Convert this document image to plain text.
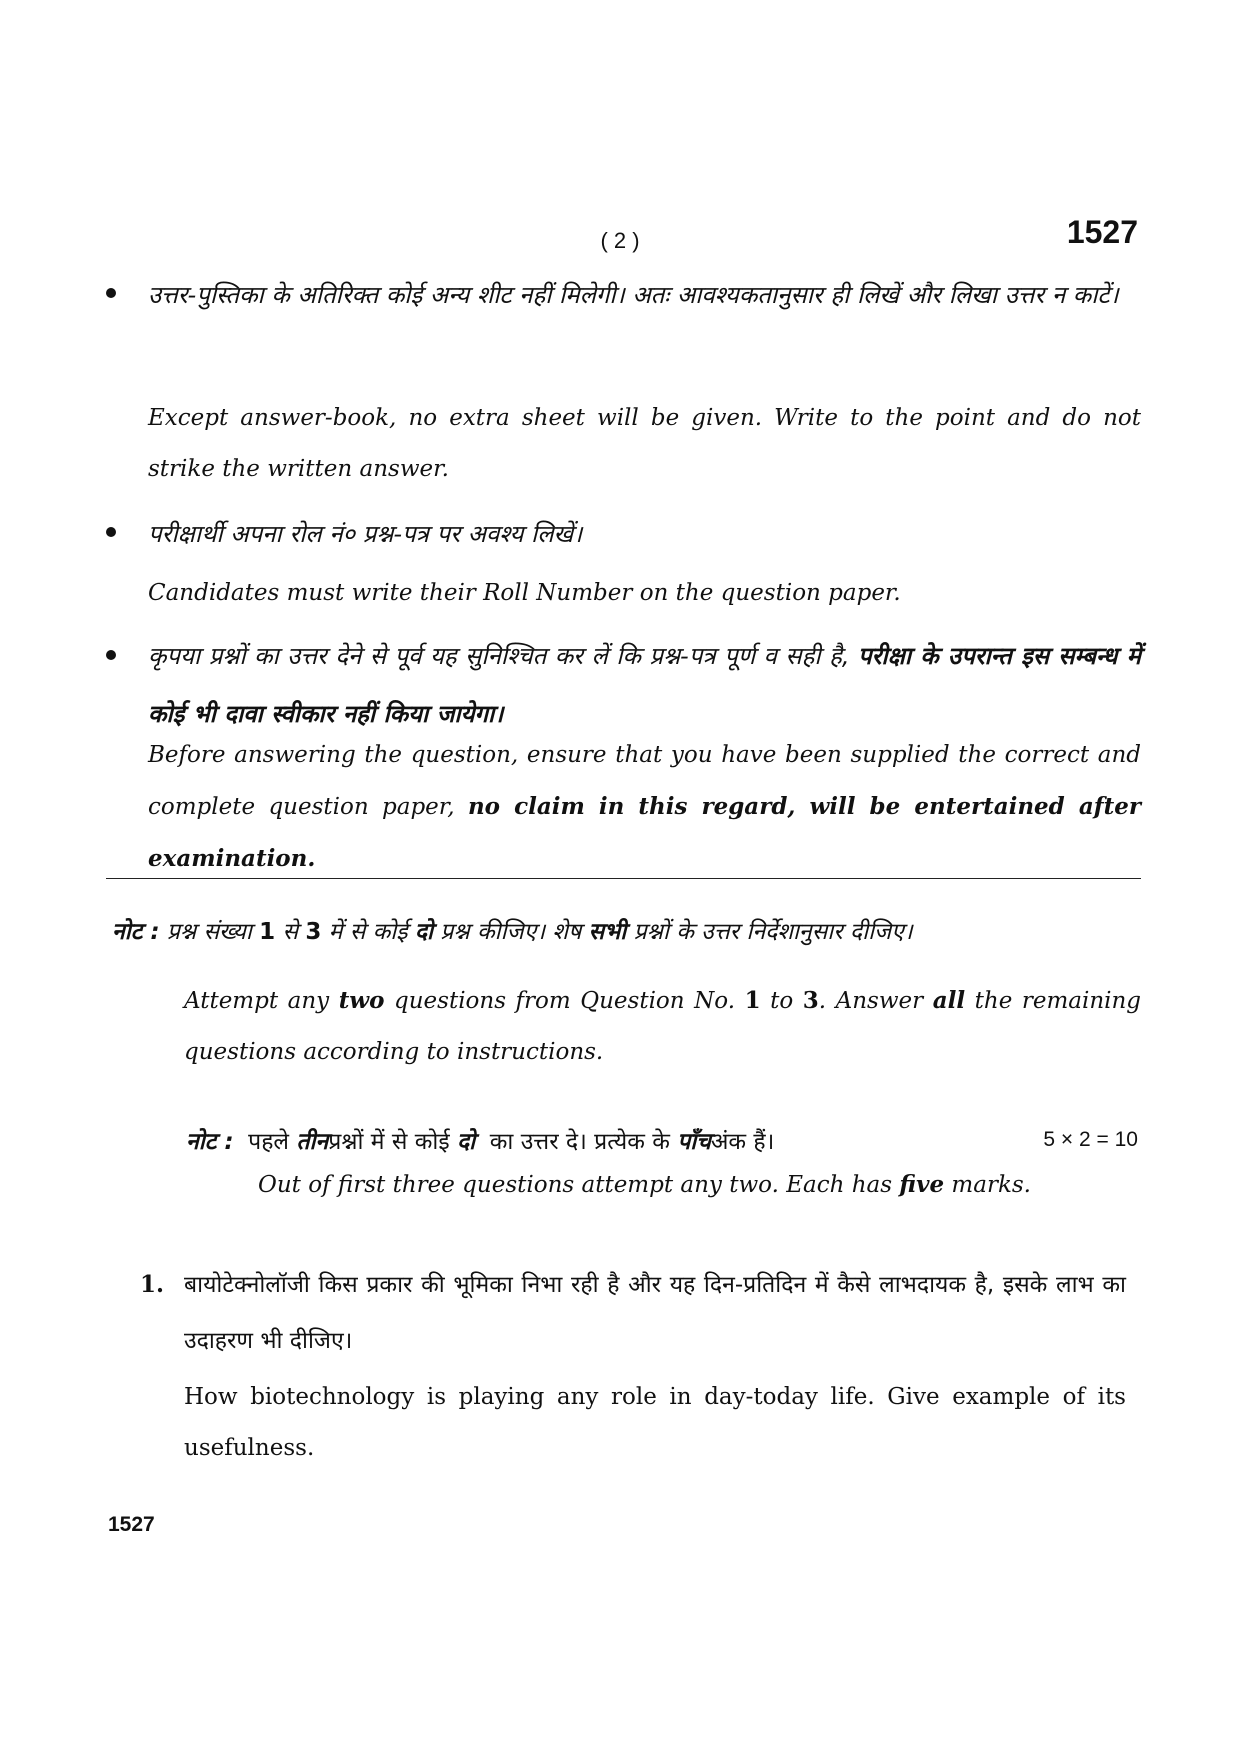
( 2 )	1527
उत्तर-पुस्तिका के अतिरिक्त कोई अन्य शीट नहीं मिलेगी। अतः आवश्यकतानुसार ही लिखें और लिखा उत्तर न काटें।
Except answer-book, no extra sheet will be given. Write to the point and do not strike the written answer.
परीक्षार्थी अपना रोल नं० प्रश्न-पत्र पर अवश्य लिखें।
Candidates must write their Roll Number on the question paper.
कृपया प्रश्नों का उत्तर देने से पूर्व यह सुनिश्चित कर लें कि प्रश्न-पत्र पूर्ण व सही है, परीक्षा के उपरान्त इस सम्बन्ध में कोई भी दावा स्वीकार नहीं किया जायेगा।
Before answering the question, ensure that you have been supplied the correct and complete question paper, no claim in this regard, will be entertained after examination.
नोट : प्रश्न संख्या 1 से 3 में से कोई दो प्रश्न कीजिए। शेष सभी प्रश्नों के उत्तर निर्देशानुसार दीजिए।
Attempt any two questions from Question No. 1 to 3. Answer all the remaining questions according to instructions.
नोट : पहले तीनप्रश्नों में से कोई दो का उत्तर दे। प्रत्येक के पाँचअंक हैं।	5 × 2 = 10
Out of first three questions attempt any two. Each has five marks.
1. बायोटेक्नोलॉजी किस प्रकार की भूमिका निभा रही है और यह दिन-प्रतिदिन में कैसे लाभदायक है, इसके लाभ का उदाहरण भी दीजिए।
How biotechnology is playing any role in day-today life. Give example of its usefulness.
1527
